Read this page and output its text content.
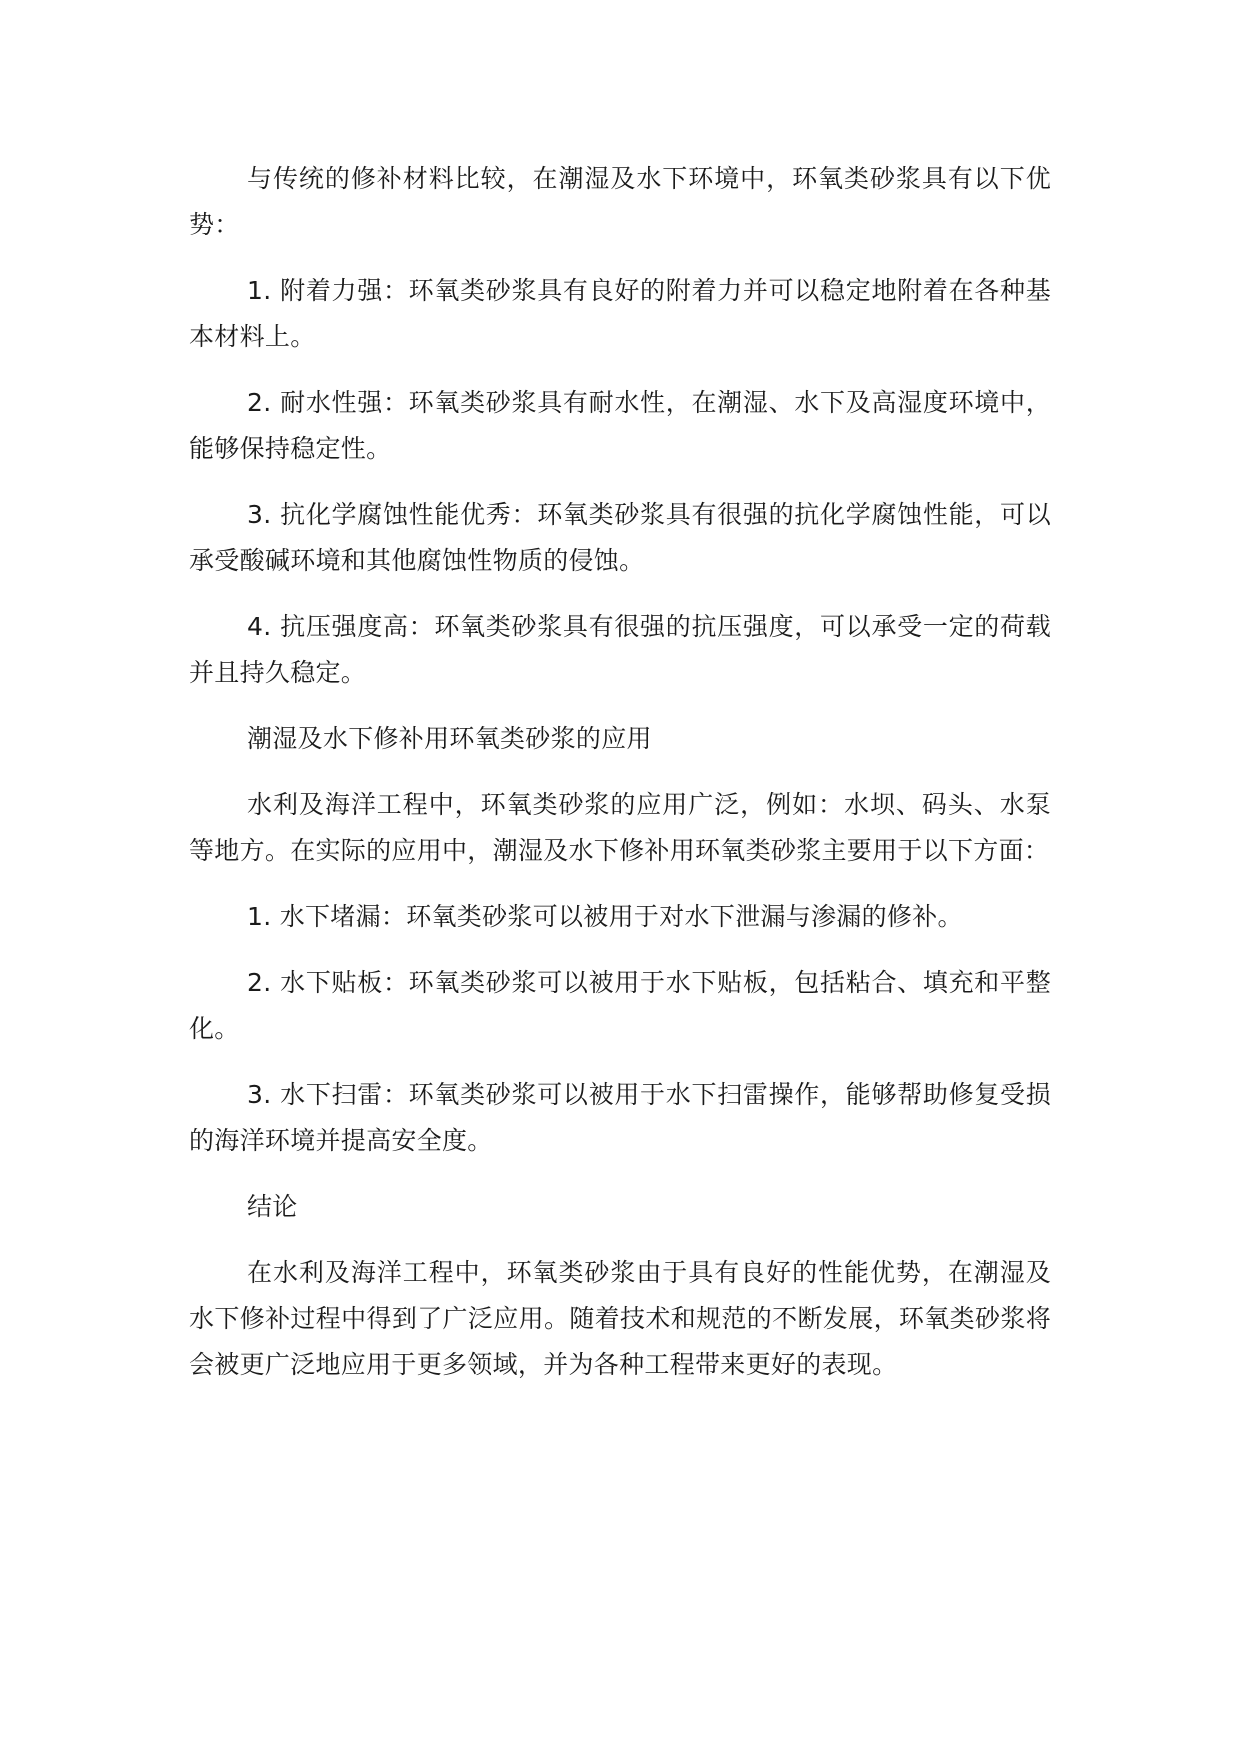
与传统的修补材料比较，在潮湿及水下环境中，环氧类砂浆具有以下优势：

1. 附着力强：环氧类砂浆具有良好的附着力并可以稳定地附着在各种基本材料上。

2. 耐水性强：环氧类砂浆具有耐水性，在潮湿、水下及高湿度环境中，能够保持稳定性。

3. 抗化学腐蚀性能优秀：环氧类砂浆具有很强的抗化学腐蚀性能，可以承受酸碱环境和其他腐蚀性物质的侵蚀。

4. 抗压强度高：环氧类砂浆具有很强的抗压强度，可以承受一定的荷载并且持久稳定。

潮湿及水下修补用环氧类砂浆的应用

水利及海洋工程中，环氧类砂浆的应用广泛，例如：水坝、码头、水泵等地方。在实际的应用中，潮湿及水下修补用环氧类砂浆主要用于以下方面：

1. 水下堵漏：环氧类砂浆可以被用于对水下泄漏与渗漏的修补。

2. 水下贴板：环氧类砂浆可以被用于水下贴板，包括粘合、填充和平整化。

3. 水下扫雷：环氧类砂浆可以被用于水下扫雷操作，能够帮助修复受损的海洋环境并提高安全度。

结论

在水利及海洋工程中，环氧类砂浆由于具有良好的性能优势，在潮湿及水下修补过程中得到了广泛应用。随着技术和规范的不断发展，环氧类砂浆将会被更广泛地应用于更多领域，并为各种工程带来更好的表现。
